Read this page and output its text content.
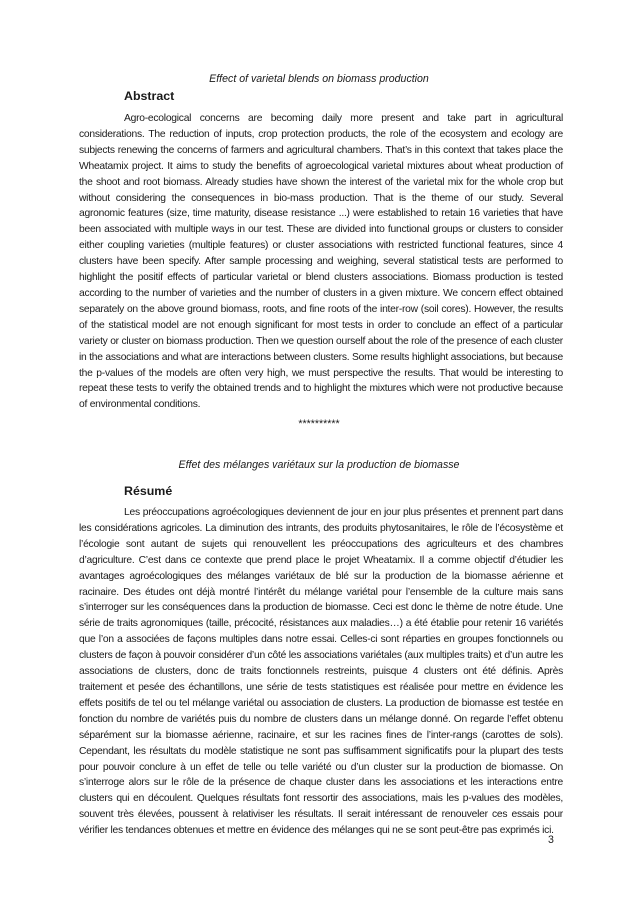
Effect of varietal blends on biomass production
Abstract

Agro-ecological concerns are becoming daily more present and take part in agricultural considerations. The reduction of inputs, crop protection products, the role of the ecosystem and ecology are subjects renewing the concerns of farmers and agricultural chambers. That’s in this context that takes place the Wheatamix project. It aims to study the benefits of agroecological varietal mixtures about wheat production of the shoot and root biomass. Already studies have shown the interest of the varietal mix for the whole crop but without considering the consequences in bio-mass production. That is the theme of our study. Several agronomic features (size, time maturity, disease resistance ...) were established to retain 16 varieties that have been associated with multiple ways in our test. These are divided into functional groups or clusters to consider either coupling varieties (multiple features) or cluster associations with restricted functional features, since 4 clusters have been specify. After sample processing and weighing, several statistical tests are performed to highlight the positif effects of particular varietal or blend clusters associations. Biomass production is tested according to the number of varieties and the number of clusters in a given mixture. We concern effect obtained separately on the above ground biomass, roots, and fine roots of the inter-row (soil cores). However, the results of the statistical model are not enough significant for most tests in order to conclude an effect of a particular variety or cluster on biomass production. Then we question ourself about the role of the presence of each cluster in the associations and what are interactions between clusters. Some results highlight associations, but because the p-values of the models are often very high, we must perspective the results. That would be interesting to repeat these tests to verify the obtained trends and to highlight the mixtures which were not productive because of environmental conditions.

**********
Effet des mélanges variétaux sur la production de biomasse
Résumé

Les préoccupations agroécologiques deviennent de jour en jour plus présentes et prennent part dans les considérations agricoles. La diminution des intrants, des produits phytosanitaires, le rôle de l’écosystème et l’écologie sont autant de sujets qui renouvellent les préoccupations des agriculteurs et des chambres d’agriculture. C’est dans ce contexte que prend place le projet Wheatamix. Il a comme objectif d’étudier les avantages agroécologiques des mélanges variétaux de blé sur la production de la biomasse aérienne et racinaire. Des études ont déjà montré l’intérêt du mélange variétal pour l’ensemble de la culture mais sans s’interroger sur les conséquences dans la production de biomasse. Ceci est donc le thème de notre étude. Une série de traits agronomiques (taille, précocité, résistances aux maladies…) a été établie pour retenir 16 variétés que l’on a associées de façons multiples dans notre essai. Celles-ci sont réparties en groupes fonctionnels ou clusters de façon à pouvoir considérer d’un côté les associations variétales (aux multiples traits) et d’un autre les associations de clusters, donc de traits fonctionnels restreints, puisque 4 clusters ont été définis. Après traitement et pesée des échantillons, une série de tests statistiques est réalisée pour mettre en évidence les effets positifs de tel ou tel mélange variétal ou association de clusters. La production de biomasse est testée en fonction du nombre de variétés puis du nombre de clusters dans un mélange donné. On regarde l’effet obtenu séparément sur la biomasse aérienne, racinaire, et sur les racines fines de l’inter-rangs (carottes de sols). Cependant, les résultats du modèle statistique ne sont pas suffisamment significatifs pour la plupart des tests pour pouvoir conclure à un effet de telle ou telle variété ou d’un cluster sur la production de biomasse. On s’interroge alors sur le rôle de la présence de chaque cluster dans les associations et les interactions entre clusters qui en découlent. Quelques résultats font ressortir des associations, mais les p-values des modèles, souvent très élevées, poussent à relativiser les résultats. Il serait intéressant de renouveler ces essais pour vérifier les tendances obtenues et mettre en évidence des mélanges qui ne se sont peut-être pas exprimés ici.

3
